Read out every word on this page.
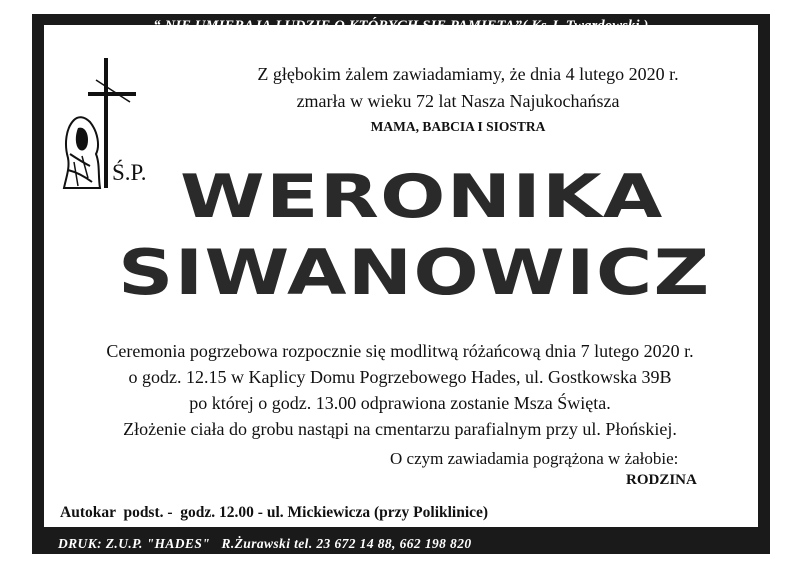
“ NIE UMIERAJĄ LUDZIE O KTÓRYCH SIĘ PAMIĘTA”( Ks.J. Twardowski )
Z głębokim żalem zawiadamiamy, że dnia 4 lutego 2020 r.
zmarła w wieku 72 lat Nasza Najukochańsza
MAMA, BABCIA I SIOSTRA
Ś.P. WERONIKA
SIWANOWICZ
Ceremonia pogrzebowa rozpocznie się modlitwą różańcową dnia 7 lutego 2020 r.
o godz. 12.15 w Kaplicy Domu Pogrzebowego Hades, ul. Gostkowska 39B
po której o godz. 13.00 odprawiona zostanie Msza Święta.
Złożenie ciała do grobu nastąpi na cmentarzu parafialnym przy ul. Płońskiej.
O czym zawiadamia pogrążona w żałobie:
RODZINA
Autokar  podst. -  godz. 12.00 - ul. Mickiewicza (przy Poliklinice)
DRUK: Z.U.P. "HADES"   R.Żurawski tel. 23 672 14 88, 662 198 820
